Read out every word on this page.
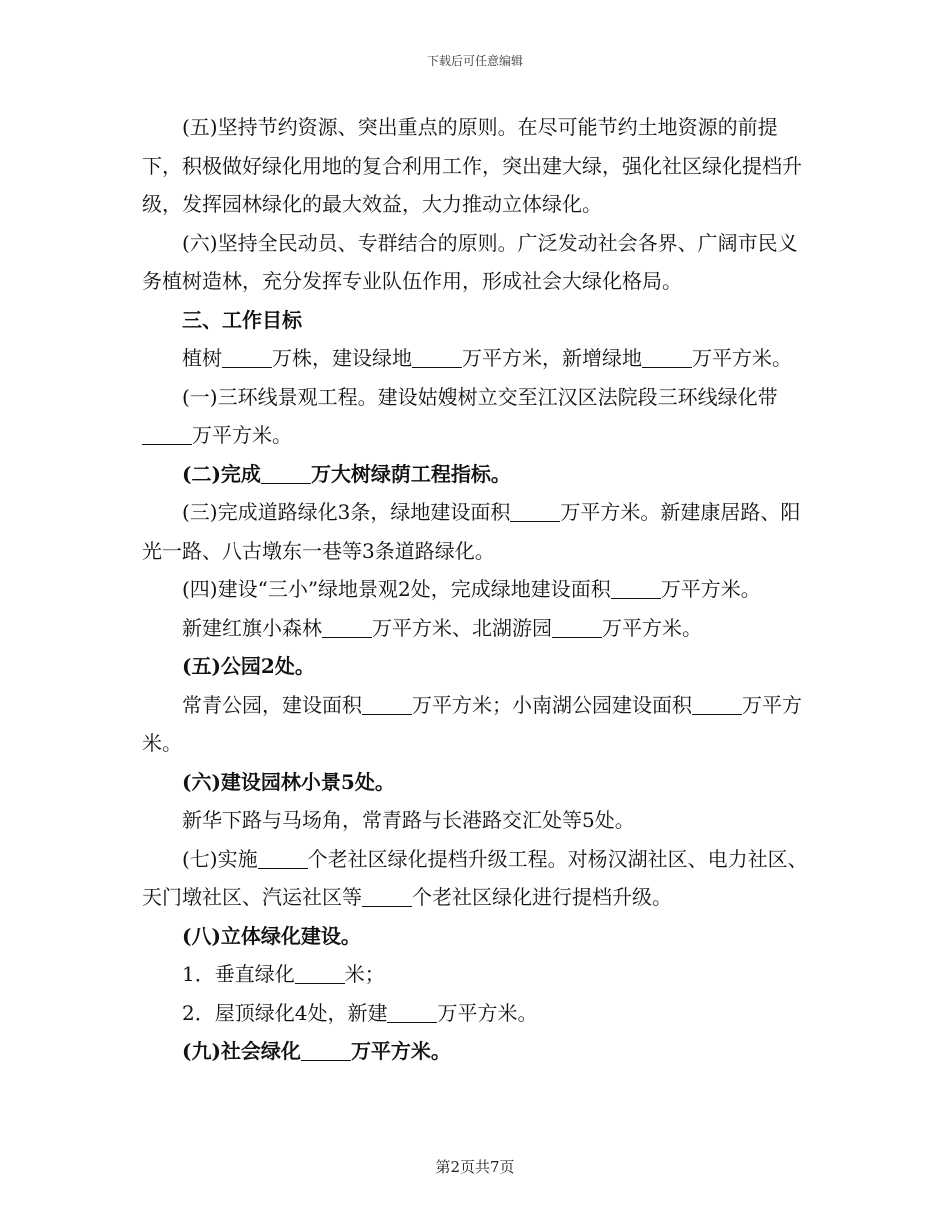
下载后可任意编辑

(五)坚持节约资源、突出重点的原则。在尽可能节约土地资源的前提下，积极做好绿化用地的复合利用工作，突出建大绿，强化社区绿化提档升级，发挥园林绿化的最大效益，大力推动立体绿化。

(六)坚持全民动员、专群结合的原则。广泛发动社会各界、广阔市民义务植树造林，充分发挥专业队伍作用，形成社会大绿化格局。

三、工作目标

植树	万株，建设绿地	万平方米，新增绿地	万平方米。

(一)三环线景观工程。建设姑嫂树立交至江汉区法院段三环线绿化带万平方米。

(二)完成	万大树绿荫工程指标。

(三)完成道路绿化3条，绿地建设面积	万平方米。新建康居路、阳光一路、八古墩东一巷等3条道路绿化。

(四)建设“三小”绿地景观2处，完成绿地建设面积	万平方米。

新建红旗小森林	万平方米、北湖游园	万平方米。

(五)公园2处。

常青公园，建设面积	万平方米；小南湖公园建设面积	万平方米。

(六)建设园林小景5处。

新华下路与马场角，常青路与长港路交汇处等5处。

(七)实施	个老社区绿化提档升级工程。对杨汉湖社区、电力社区、天门墩社区、汽运社区等	个老社区绿化进行提档升级。

(八)立体绿化建设。

1．垂直绿化	米；

2．屋顶绿化4处，新建	万平方米。

(九)社会绿化	万平方米。

第2页共7页
